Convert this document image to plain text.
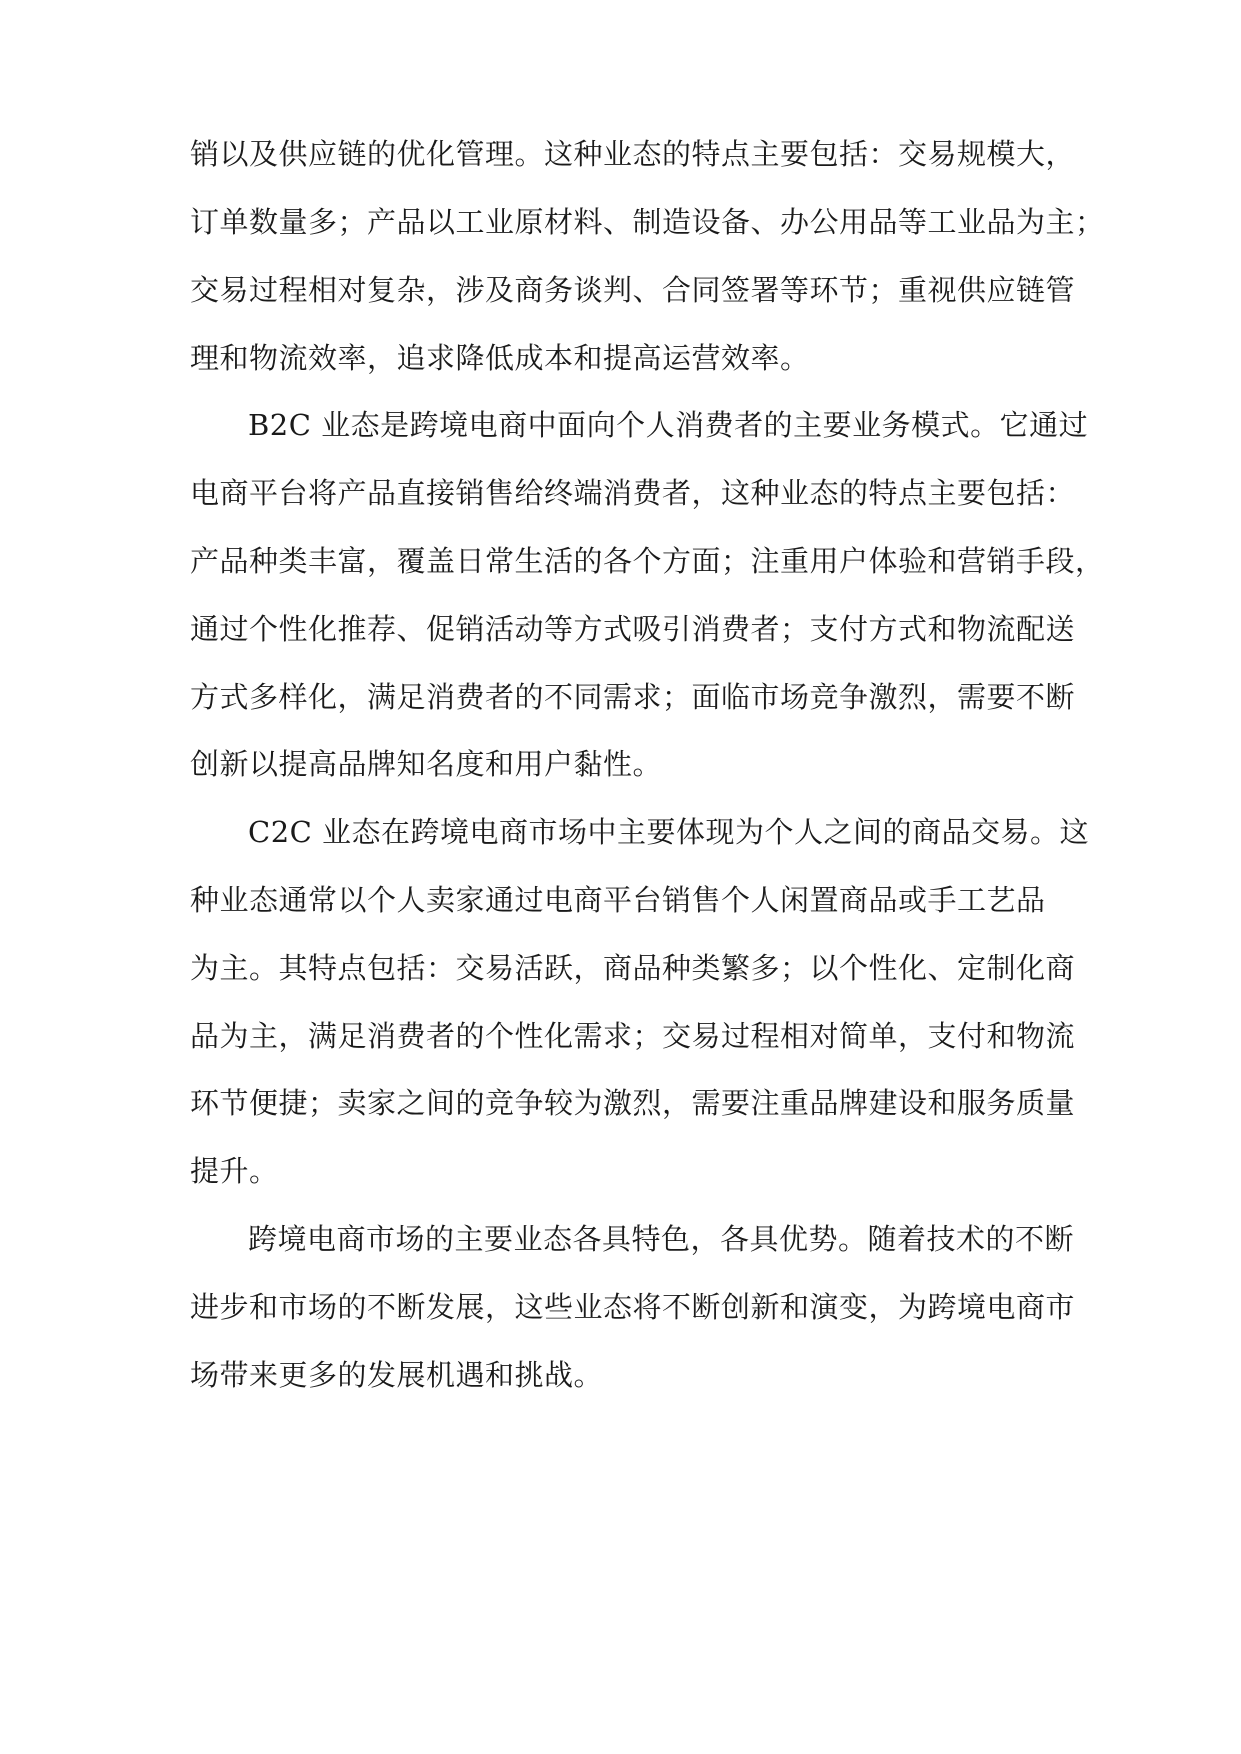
销以及供应链的优化管理。这种业态的特点主要包括：交易规模大，
订单数量多；产品以工业原材料、制造设备、办公用品等工业品为主；
交易过程相对复杂，涉及商务谈判、合同签署等环节；重视供应链管
理和物流效率，追求降低成本和提高运营效率。
B2C 业态是跨境电商中面向个人消费者的主要业务模式。它通过
电商平台将产品直接销售给终端消费者，这种业态的特点主要包括：
产品种类丰富，覆盖日常生活的各个方面；注重用户体验和营销手段，
通过个性化推荐、促销活动等方式吸引消费者；支付方式和物流配送
方式多样化，满足消费者的不同需求；面临市场竞争激烈，需要不断
创新以提高品牌知名度和用户黏性。
C2C 业态在跨境电商市场中主要体现为个人之间的商品交易。这
种业态通常以个人卖家通过电商平台销售个人闲置商品或手工艺品
为主。其特点包括：交易活跃，商品种类繁多；以个性化、定制化商
品为主，满足消费者的个性化需求；交易过程相对简单，支付和物流
环节便捷；卖家之间的竞争较为激烈，需要注重品牌建设和服务质量
提升。
跨境电商市场的主要业态各具特色，各具优势。随着技术的不断
进步和市场的不断发展，这些业态将不断创新和演变，为跨境电商市
场带来更多的发展机遇和挑战。
